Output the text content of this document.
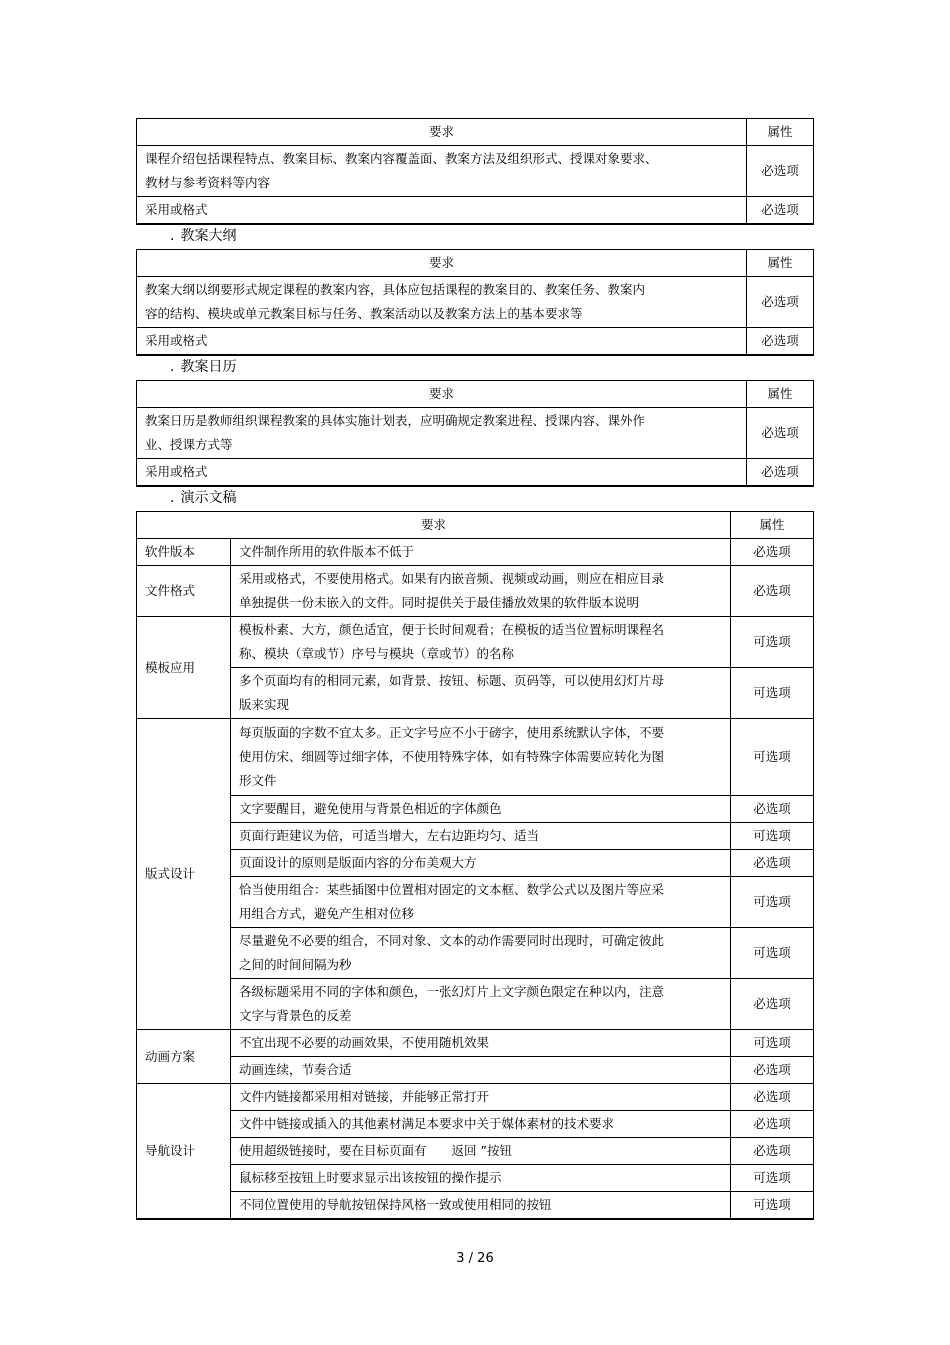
要求	属性

课程介绍包括课程特点、教案目标、教案内容覆盖面、教案方法及组织形式、授课对象要求、
教材与参考资料等内容	必选项
采用或格式	必选项
. 教案大纲
要求	属性

教案大纲以纲要形式规定课程的教案内容，具体应包括课程的教案目的、教案任务、教案内
容的结构、模块或单元教案目标与任务、教案活动以及教案方法上的基本要求等	必选项
采用或格式	必选项
. 教案日历
要求	属性

教案日历是教师组织课程教案的具体实施计划表，应明确规定教案进程、授课内容、课外作
业、授课方式等	必选项
采用或格式	必选项
. 演示文稿
要求		属性
软件版本	文件制作所用的软件版本不低于	必选项
文件格式	采用或格式，不要使用格式。如果有内嵌音频、视频或动画，则应在相应目录
单独提供一份未嵌入的文件。同时提供关于最佳播放效果的软件版本说明	必选项
模板应用	模板朴素、大方，颜色适宜，便于长时间观看；在模板的适当位置标明课程名
称、模块（章或节）序号与模块（章或节）的名称	可选项

	多个页面均有的相同元素，如背景、按钮、标题、页码等，可以使用幻灯片母
版来实现	可选项
版式设计	每页版面的字数不宜太多。正文字号应不小于磅字，使用系统默认字体，不要
使用仿宋、细圆等过细字体，不使用特殊字体，如有特殊字体需要应转化为图
形文件	可选项
	文字要醒目，避免使用与背景色相近的字体颜色	必选项
	页面行距建议为倍，可适当增大，左右边距均匀、适当	可选项
	页面设计的原则是版面内容的分布美观大方	必选项

	恰当使用组合：某些插图中位置相对固定的文本框、数学公式以及图片等应采
用组合方式，避免产生相对位移	可选项

	尽量避免不必要的组合，不同对象、文本的动作需要同时出现时，可确定彼此
之间的时间间隔为秒	可选项

	各级标题采用不同的字体和颜色，一张幻灯片上文字颜色限定在种以内，注意
文字与背景色的反差	必选项
动画方案	不宜出现不必要的动画效果，不使用随机效果	可选项
	动画连续，节奏合适	必选项
导航设计	文件内链接都采用相对链接，并能够正常打开	必选项
	文件中链接或插入的其他素材满足本要求中关于媒体素材的技术要求	必选项
	使用超级链接时，要在目标页面有　　返回 ”按钮	必选项
	鼠标移至按钮上时要求显示出该按钮的操作提示	可选项
	不同位置使用的导航按钮保持风格一致或使用相同的按钮	可选项
3 / 26
